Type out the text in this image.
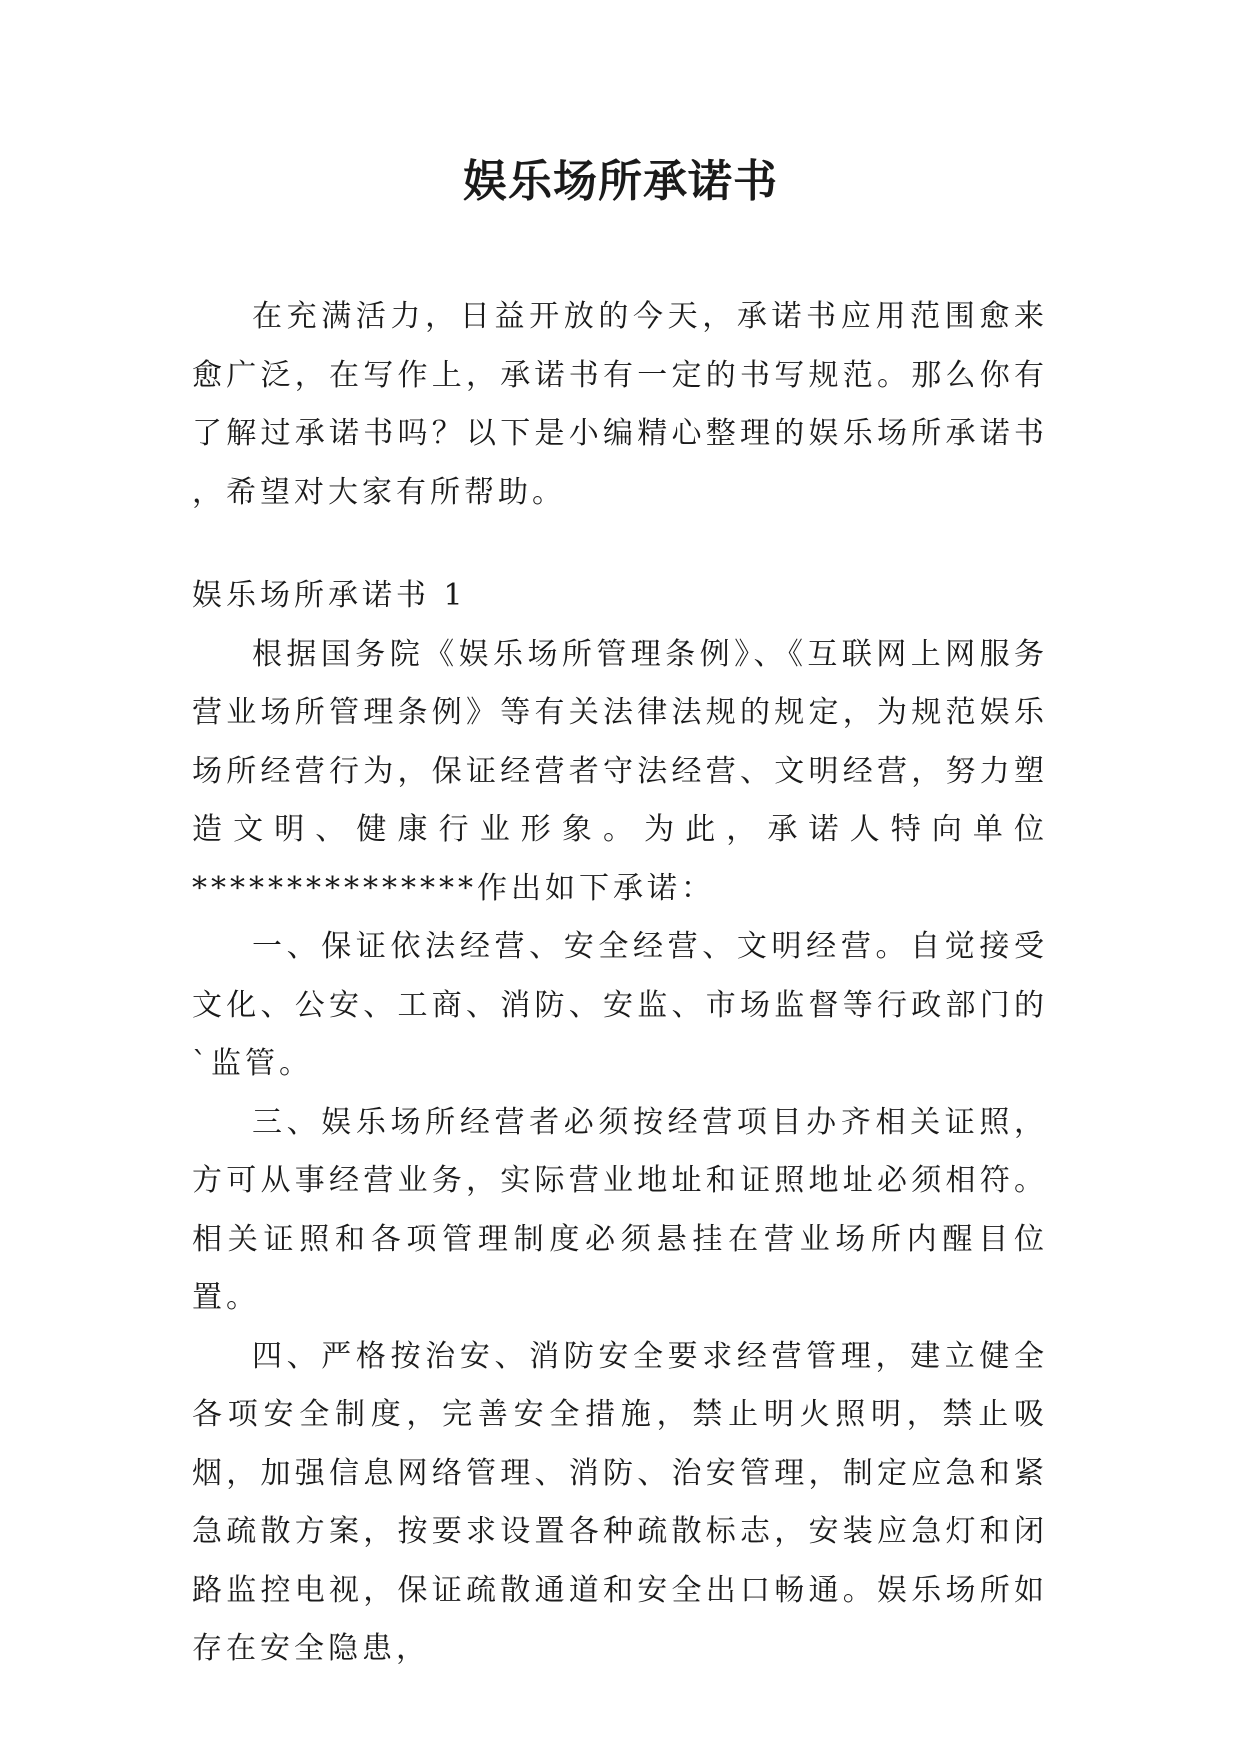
娱乐场所承诺书

在充满活力，日益开放的今天，承诺书应用范围愈来愈广泛，在写作上，承诺书有一定的书写规范。那么你有了解过承诺书吗？以下是小编精心整理的娱乐场所承诺书 ，希望对大家有所帮助。

娱乐场所承诺书 1

根据国务院《娱乐场所管理条例》、《互联网上网服务营业场所管理条例》等有关法律法规的规定，为规范娱乐场所经营行为，保证经营者守法经营、文明经营，努力塑造文明、健康行业形象。为此，承诺人特向单位***************作出如下承诺：

一、保证依法经营、安全经营、文明经营。自觉接受文化、公安、工商、消防、安监、市场监督等行政部门的`监管。

三、娱乐场所经营者必须按经营项目办齐相关证照，方可从事经营业务，实际营业地址和证照地址必须相符。相关证照和各项管理制度必须悬挂在营业场所内醒目位置。

四、严格按治安、消防安全要求经营管理，建立健全各项安全制度，完善安全措施，禁止明火照明，禁止吸烟，加强信息网络管理、消防、治安管理，制定应急和紧急疏散方案，按要求设置各种疏散标志，安装应急灯和闭路监控电视，保证疏散通道和安全出口畅通。娱乐场所如存在安全隐患，
